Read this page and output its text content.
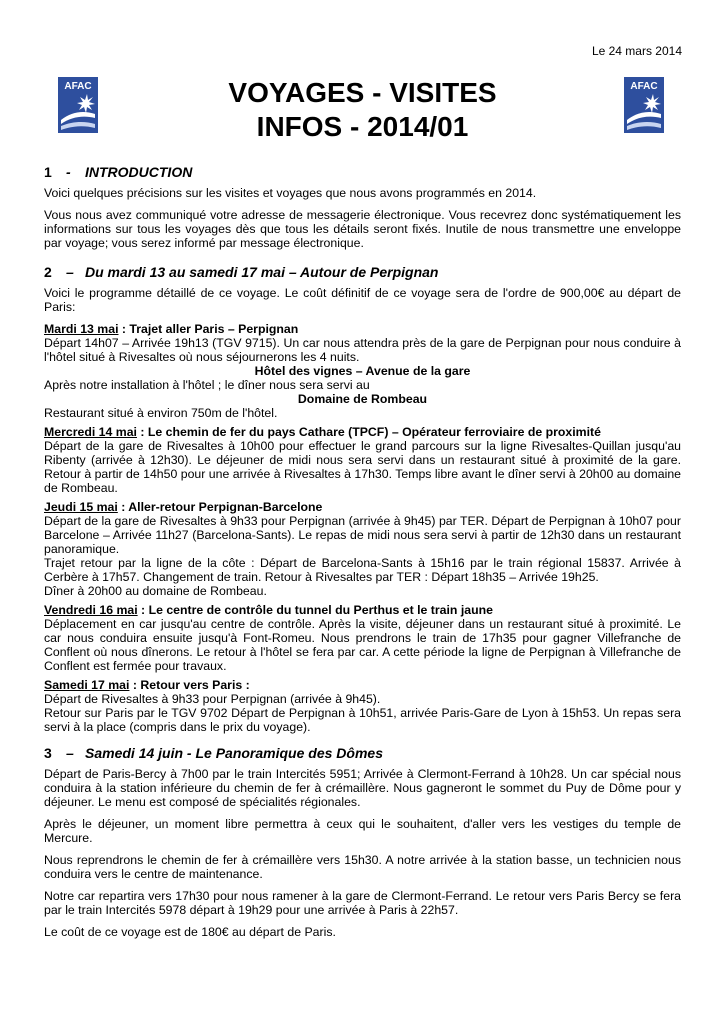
Le 24 mars 2014
AFAC	AFAC
VOYAGES - VISITES
INFOS - 2014/01
1 - INTRODUCTION

Voici quelques précisions sur les visites et voyages que nous avons programmés en 2014.

Vous nous avez communiqué votre adresse de messagerie électronique. Vous recevrez donc systématiquement les informations sur tous les voyages dès que tous les détails seront fixés. Inutile de nous transmettre une enveloppe par voyage; vous serez informé par message électronique.

2 – Du mardi 13 au samedi 17 mai – Autour de Perpignan

Voici le programme détaillé de ce voyage. Le coût définitif de ce voyage sera de l'ordre de 900,00€ au départ de Paris:

Mardi 13 mai : Trajet aller Paris – Perpignan

Départ 14h07 – Arrivée 19h13 (TGV 9715). Un car nous attendra près de la gare de Perpignan pour nous conduire à l'hôtel situé à Rivesaltes où nous séjournerons les 4 nuits.

Hôtel des vignes – Avenue de la gare

Après notre installation à l'hôtel ; le dîner nous sera servi au

Domaine de Rombeau

Restaurant situé à environ 750m de l'hôtel.

Mercredi 14 mai : Le chemin de fer du pays Cathare (TPCF) – Opérateur ferroviaire de proximité

Départ de la gare de Rivesaltes à 10h00 pour effectuer le grand parcours sur la ligne Rivesaltes-Quillan jusqu'au Ribenty (arrivée à 12h30). Le déjeuner de midi nous sera servi dans un restaurant situé à proximité de la gare. Retour à partir de 14h50 pour une arrivée à Rivesaltes à 17h30. Temps libre avant le dîner servi à 20h00 au domaine de Rombeau.

Jeudi 15 mai : Aller-retour Perpignan-Barcelone

Départ de la gare de Rivesaltes à 9h33 pour Perpignan (arrivée à 9h45) par TER. Départ de Perpignan à 10h07 pour Barcelone – Arrivée 11h27 (Barcelona-Sants). Le repas de midi nous sera servi à partir de 12h30 dans un restaurant panoramique.

Trajet retour par la ligne de la côte : Départ de Barcelona-Sants à 15h16 par le train régional 15837. Arrivée à Cerbère à 17h57. Changement de train. Retour à Rivesaltes par TER : Départ 18h35 – Arrivée 19h25.

Dîner à 20h00 au domaine de Rombeau.

Vendredi 16 mai : Le centre de contrôle du tunnel du Perthus et le train jaune

Déplacement en car jusqu'au centre de contrôle. Après la visite, déjeuner dans un restaurant situé à proximité. Le car nous conduira ensuite jusqu'à Font-Romeu. Nous prendrons le train de 17h35 pour gagner Villefranche de Conflent où nous dînerons. Le retour à l'hôtel se fera par car. A cette période la ligne de Perpignan à Villefranche de Conflent est fermée pour travaux.

Samedi 17 mai : Retour vers Paris :

Départ de Rivesaltes à 9h33 pour Perpignan (arrivée à 9h45).

Retour sur Paris par le TGV 9702 Départ de Perpignan à 10h51, arrivée Paris-Gare de Lyon à 15h53. Un repas sera servi à la place (compris dans le prix du voyage).

3 – Samedi 14 juin - Le Panoramique des Dômes

Départ de Paris-Bercy à 7h00 par le train Intercités 5951; Arrivée à Clermont-Ferrand à 10h28. Un car spécial nous conduira à la station inférieure du chemin de fer à crémaillère. Nous gagneront le sommet du Puy de Dôme pour y déjeuner. Le menu est composé de spécialités régionales.

Après le déjeuner, un moment libre permettra à ceux qui le souhaitent, d'aller vers les vestiges du temple de Mercure.

Nous reprendrons le chemin de fer à crémaillère vers 15h30. A notre arrivée à la station basse, un technicien nous conduira vers le centre de maintenance.

Notre car repartira vers 17h30 pour nous ramener à la gare de Clermont-Ferrand. Le retour vers Paris Bercy se fera par le train Intercités 5978 départ à 19h29 pour une arrivée à Paris à 22h57.

Le coût de ce voyage est de 180€ au départ de Paris.
